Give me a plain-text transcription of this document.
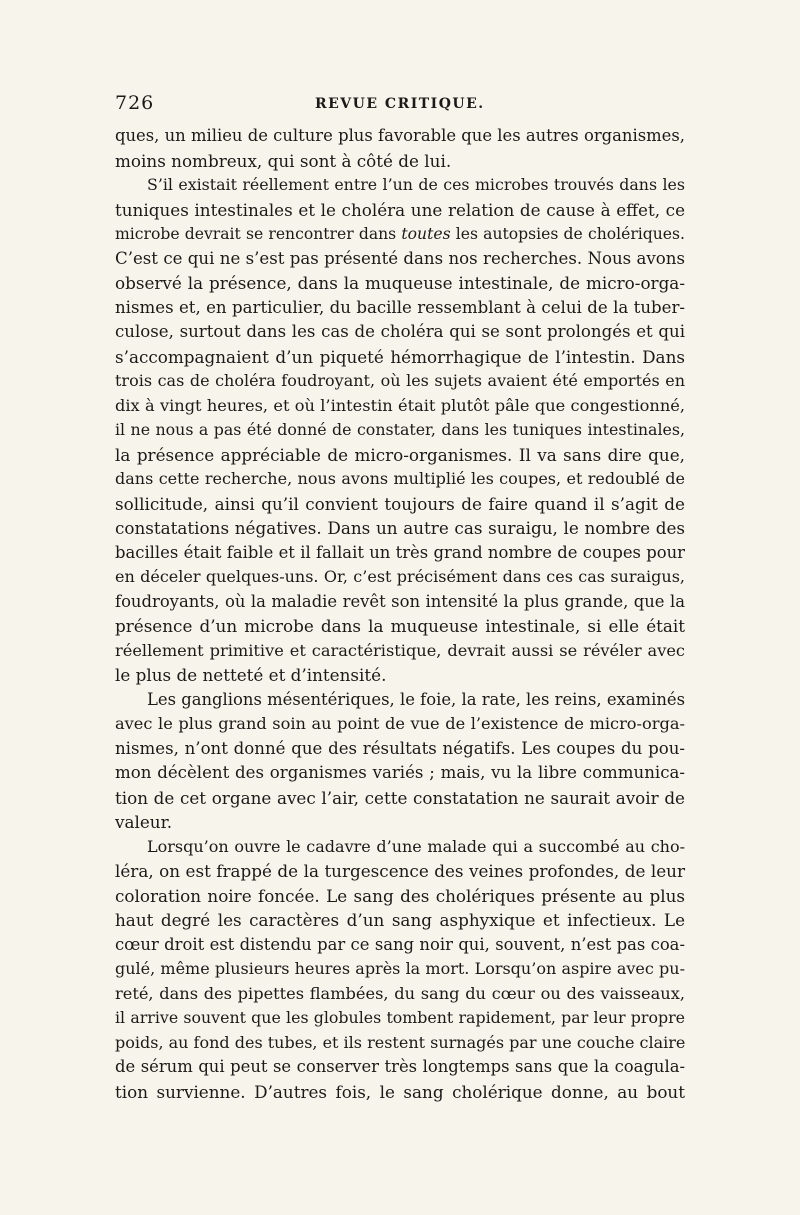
726	REVUE CRITIQUE.
ques, un milieu de culture plus favorable que les autres organismes,
moins nombreux, qui sont à côté de lui.
S’il existait réellement entre l’un de ces microbes trouvés dans les
tuniques intestinales et le choléra une relation de cause à effet, ce
microbe devrait se rencontrer dans toutes les autopsies de cholériques.
C’est ce qui ne s’est pas présenté dans nos recherches. Nous avons
observé la présence, dans la muqueuse intestinale, de micro-orga-
nismes et, en particulier, du bacille ressemblant à celui de la tuber-
culose, surtout dans les cas de choléra qui se sont prolongés et qui
s’accompagnaient d’un piqueté hémorrhagique de l’intestin. Dans
trois cas de choléra foudroyant, où les sujets avaient été emportés en
dix à vingt heures, et où l’intestin était plutôt pâle que congestionné,
il ne nous a pas été donné de constater, dans les tuniques intestinales,
la présence appréciable de micro-organismes. Il va sans dire que,
dans cette recherche, nous avons multiplié les coupes, et redoublé de
sollicitude, ainsi qu’il convient toujours de faire quand il s’agit de
constatations négatives. Dans un autre cas suraigu, le nombre des
bacilles était faible et il fallait un très grand nombre de coupes pour
en déceler quelques-uns. Or, c’est précisément dans ces cas suraigus,
foudroyants, où la maladie revêt son intensité la plus grande, que la
présence d’un microbe dans la muqueuse intestinale, si elle était
réellement primitive et caractéristique, devrait aussi se révéler avec
le plus de netteté et d’intensité.
Les ganglions mésentériques, le foie, la rate, les reins, examinés
avec le plus grand soin au point de vue de l’existence de micro-orga-
nismes, n’ont donné que des résultats négatifs. Les coupes du pou-
mon décèlent des organismes variés ; mais, vu la libre communica-
tion de cet organe avec l’air, cette constatation ne saurait avoir de
valeur.
Lorsqu’on ouvre le cadavre d’une malade qui a succombé au cho-
léra, on est frappé de la turgescence des veines profondes, de leur
coloration noire foncée. Le sang des cholériques présente au plus
haut degré les caractères d’un sang asphyxique et infectieux. Le
cœur droit est distendu par ce sang noir qui, souvent, n’est pas coa-
gulé, même plusieurs heures après la mort. Lorsqu’on aspire avec pu-
reté, dans des pipettes flambées, du sang du cœur ou des vaisseaux,
il arrive souvent que les globules tombent rapidement, par leur propre
poids, au fond des tubes, et ils restent surnagés par une couche claire
de sérum qui peut se conserver très longtemps sans que la coagula-
tion survienne. D’autres fois, le sang cholérique donne, au bout
